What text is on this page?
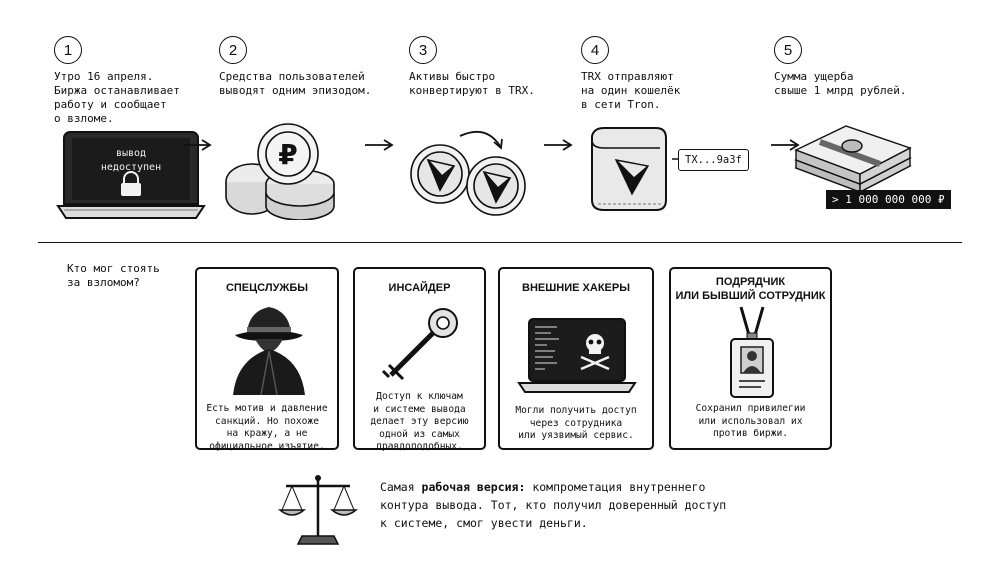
1
Утро 16 апреля.
Биржа останавливает
работу и сообщает
о взломе.
2
Средства пользователей
выводят одним эпизодом.
3
Активы быстро
конвертируют в TRX.
4
TRX отправляют
на один кошелёк
в сети Tron.
5
Сумма ущерба
свыше 1 млрд рублей.
вывод
недоступен	₽	TX...9a3f
> 1 000 000 000 ₽
Кто мог стоять
за взломом?	СПЕЦСЛУЖБЫ
Есть мотив и давление
санкций. Но похоже
на кражу, а не
официальное изъятие.
ИНСАЙДЕР
Доступ к ключам
и системе вывода
делает эту версию
одной из самых
правдоподобных.
ВНЕШНИЕ ХАКЕРЫ
Могли получить доступ
через сотрудника
или уязвимый сервис.
ПОДРЯДЧИК
ИЛИ БЫВШИЙ СОТРУДНИК
Сохранил привилегии
или использовал их
против биржи.
Самая рабочая версия: компрометация внутреннего
контура вывода. Тот, кто получил доверенный доступ
к системе, смог увести деньги.
